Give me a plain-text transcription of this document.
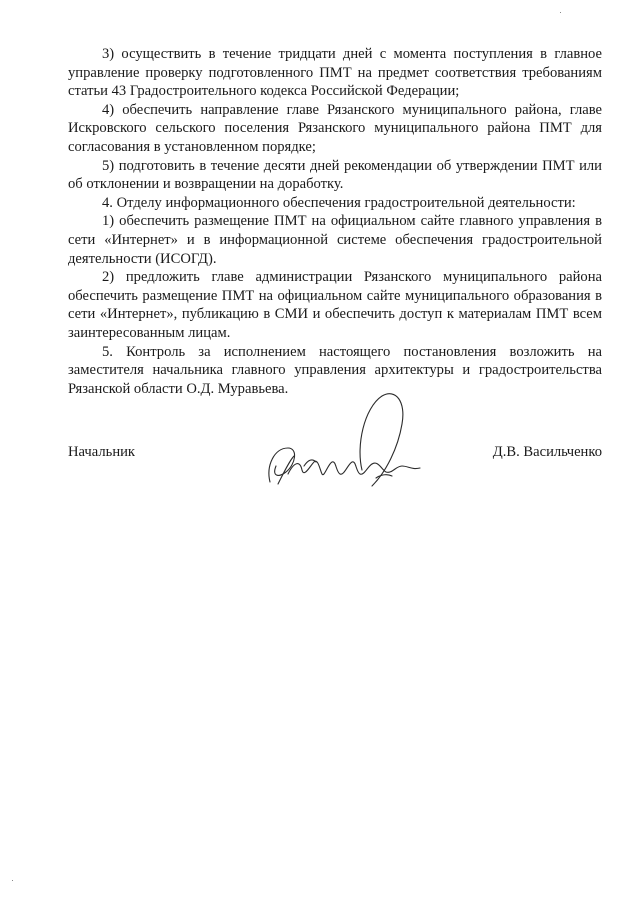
3) осуществить в течение тридцати дней с момента поступления в главное управление проверку подготовленного ПМТ на предмет соответствия требованиям статьи 43 Градостроительного кодекса Российской Федерации;

4) обеспечить направление главе Рязанского муниципального района, главе Искровского сельского поселения Рязанского муниципального района ПМТ для согласования в установленном порядке;

5) подготовить в течение десяти дней рекомендации об утверждении ПМТ или об отклонении и возвращении на доработку.

4. Отделу информационного обеспечения градостроительной деятельности:

1) обеспечить размещение ПМТ на официальном сайте главного управления в сети «Интернет» и в информационной системе обеспечения градостроительной деятельности (ИСОГД).

2) предложить главе администрации Рязанского муниципального района обеспечить размещение ПМТ на официальном сайте муниципального образования в сети «Интернет», публикацию в СМИ и обеспечить доступ к материалам ПМТ всем заинтересованным лицам.

5. Контроль за исполнением настоящего постановления возложить на заместителя начальника главного управления архитектуры и градостроительства Рязанской области О.Д. Муравьева.

Начальник	Д.В. Васильченко
